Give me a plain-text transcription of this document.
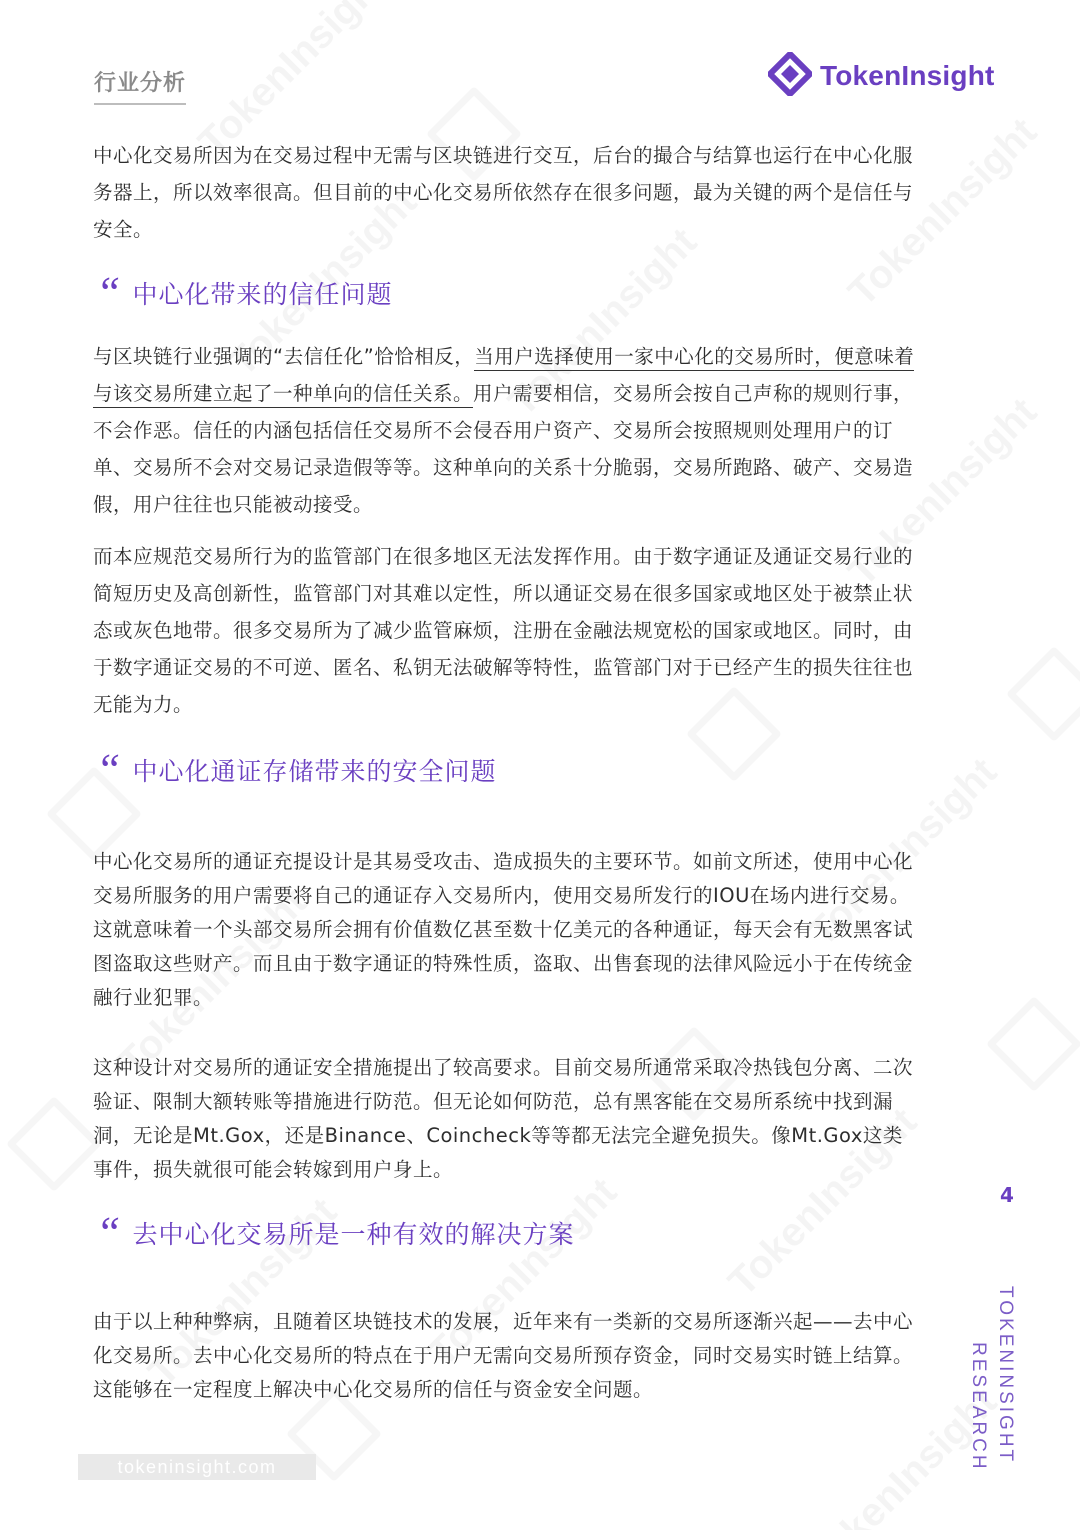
行业分析	TokenInsight

中心化交易所因为在交易过程中无需与区块链进行交互，后台的撮合与结算也运行在中心化服务器上，所以效率很高。但目前的中心化交易所依然存在很多问题，最为关键的两个是信任与安全。

“ 中心化带来的信任问题

与区块链行业强调的“去信任化”恰恰相反，当用户选择使用一家中心化的交易所时，便意味着与该交易所建立起了一种单向的信任关系。用户需要相信，交易所会按自己声称的规则行事，不会作恶。信任的内涵包括信任交易所不会侵吞用户资产、交易所会按照规则处理用户的订单、交易所不会对交易记录造假等等。这种单向的关系十分脆弱，交易所跑路、破产、交易造假，用户往往也只能被动接受。

而本应规范交易所行为的监管部门在很多地区无法发挥作用。由于数字通证及通证交易行业的简短历史及高创新性，监管部门对其难以定性，所以通证交易在很多国家或地区处于被禁止状态或灰色地带。很多交易所为了减少监管麻烦，注册在金融法规宽松的国家或地区。同时，由于数字通证交易的不可逆、匿名、私钥无法破解等特性，监管部门对于已经产生的损失往往也无能为力。

“ 中心化通证存储带来的安全问题

中心化交易所的通证充提设计是其易受攻击、造成损失的主要环节。如前文所述，使用中心化交易所服务的用户需要将自己的通证存入交易所内，使用交易所发行的IOU在场内进行交易。这就意味着一个头部交易所会拥有价值数亿甚至数十亿美元的各种通证，每天会有无数黑客试图盗取这些财产。而且由于数字通证的特殊性质，盗取、出售套现的法律风险远小于在传统金融行业犯罪。

这种设计对交易所的通证安全措施提出了较高要求。目前交易所通常采取冷热钱包分离、二次验证、限制大额转账等措施进行防范。但无论如何防范，总有黑客能在交易所系统中找到漏洞，无论是Mt.Gox，还是Binance、Coincheck等等都无法完全避免损失。像Mt.Gox这类事件，损失就很可能会转嫁到用户身上。

“ 去中心化交易所是一种有效的解决方案

由于以上种种弊病，且随着区块链技术的发展，近年来有一类新的交易所逐渐兴起——去中心化交易所。去中心化交易所的特点在于用户无需向交易所预存资金，同时交易实时链上结算。这能够在一定程度上解决中心化交易所的信任与资金安全问题。

4
TOKENINSIGHT
RESEARCH
tokeninsight.com
